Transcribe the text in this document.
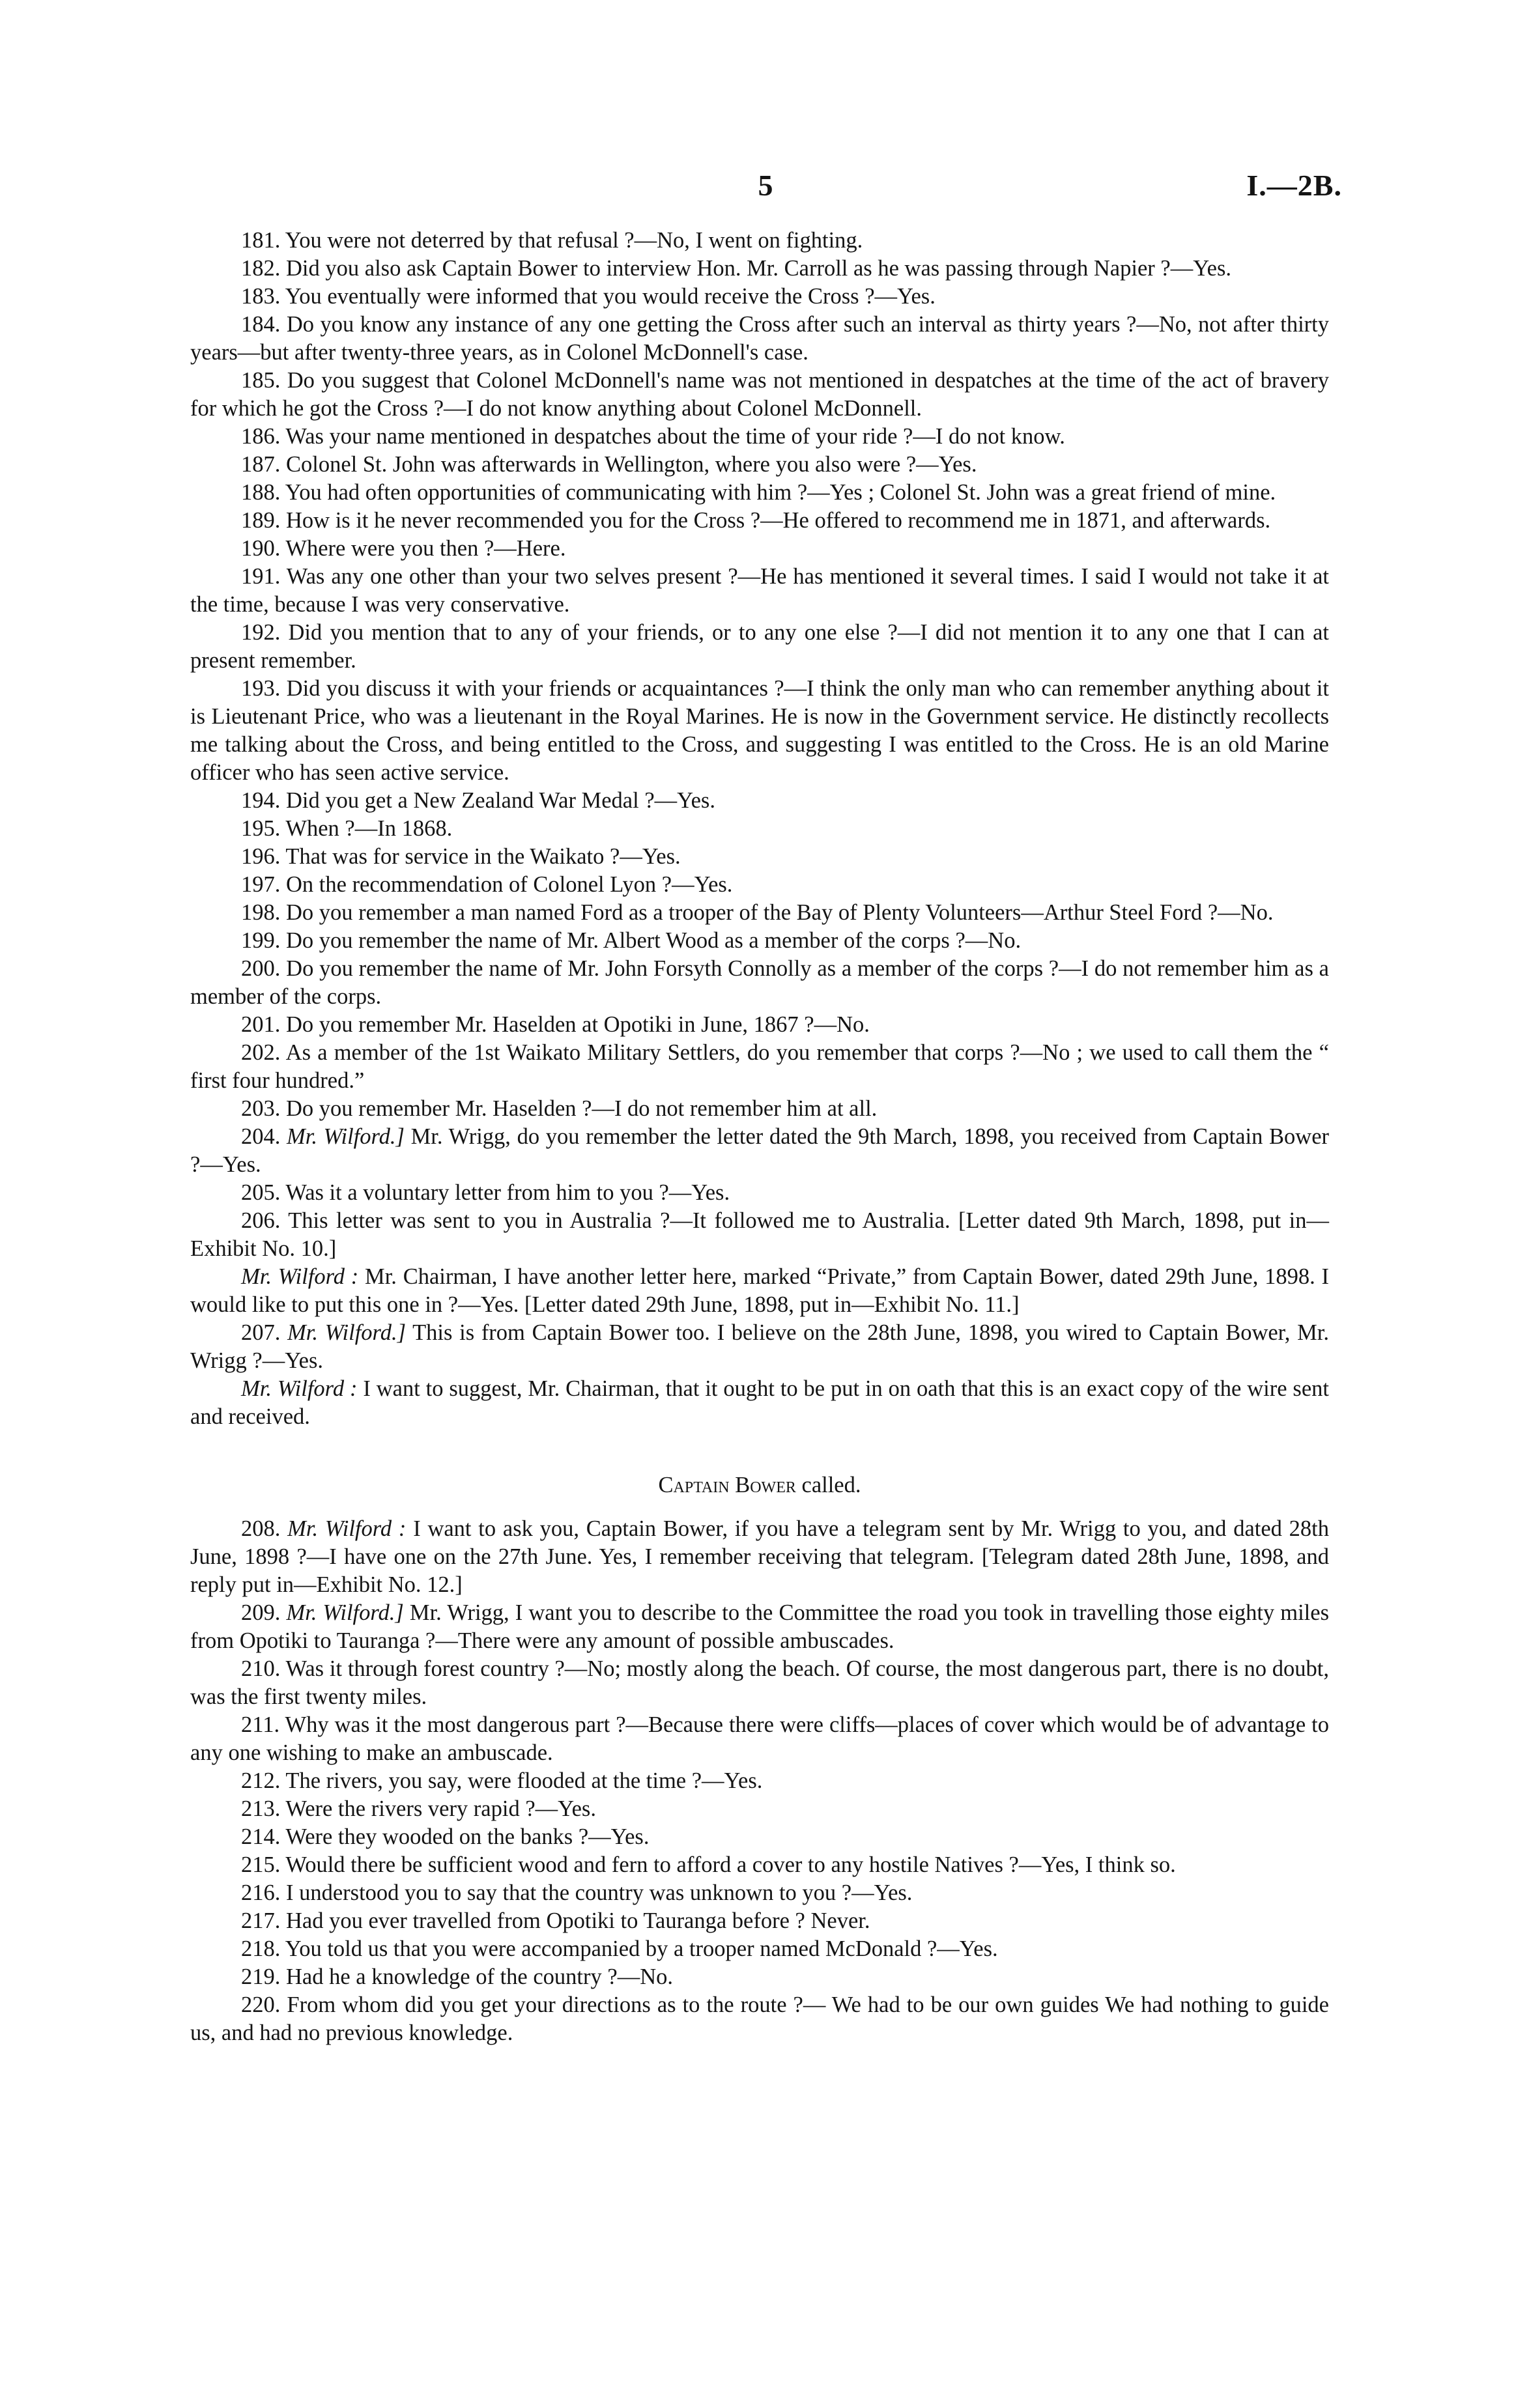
5	I.—2B.

181. You were not deterred by that refusal ?—No, I went on fighting.

182. Did you also ask Captain Bower to interview Hon. Mr. Carroll as he was passing through Napier ?—Yes.

183. You eventually were informed that you would receive the Cross ?—Yes.

184. Do you know any instance of any one getting the Cross after such an interval as thirty years ?—No, not after thirty years—but after twenty-three years, as in Colonel McDonnell's case.

185. Do you suggest that Colonel McDonnell's name was not mentioned in despatches at the time of the act of bravery for which he got the Cross ?—I do not know anything about Colonel McDonnell.

186. Was your name mentioned in despatches about the time of your ride ?—I do not know.

187. Colonel St. John was afterwards in Wellington, where you also were ?—Yes.

188. You had often opportunities of communicating with him ?—Yes ; Colonel St. John was a great friend of mine.

189. How is it he never recommended you for the Cross ?—He offered to recommend me in 1871, and afterwards.

190. Where were you then ?—Here.

191. Was any one other than your two selves present ?—He has mentioned it several times. I said I would not take it at the time, because I was very conservative.

192. Did you mention that to any of your friends, or to any one else ?—I did not mention it to any one that I can at present remember.

193. Did you discuss it with your friends or acquaintances ?—I think the only man who can remember anything about it is Lieutenant Price, who was a lieutenant in the Royal Marines. He is now in the Government service. He distinctly recollects me talking about the Cross, and being entitled to the Cross, and suggesting I was entitled to the Cross. He is an old Marine officer who has seen active service.

194. Did you get a New Zealand War Medal ?—Yes.

195. When ?—In 1868.

196. That was for service in the Waikato ?—Yes.

197. On the recommendation of Colonel Lyon ?—Yes.

198. Do you remember a man named Ford as a trooper of the Bay of Plenty Volunteers—Arthur Steel Ford ?—No.

199. Do you remember the name of Mr. Albert Wood as a member of the corps ?—No.

200. Do you remember the name of Mr. John Forsyth Connolly as a member of the corps ?—I do not remember him as a member of the corps.

201. Do you remember Mr. Haselden at Opotiki in June, 1867 ?—No.

202. As a member of the 1st Waikato Military Settlers, do you remember that corps ?—No ; we used to call them the “ first four hundred.”

203. Do you remember Mr. Haselden ?—I do not remember him at all.

204. Mr. Wilford.] Mr. Wrigg, do you remember the letter dated the 9th March, 1898, you received from Captain Bower ?—Yes.

205. Was it a voluntary letter from him to you ?—Yes.

206. This letter was sent to you in Australia ?—It followed me to Australia. [Letter dated 9th March, 1898, put in—Exhibit No. 10.]

Mr. Wilford : Mr. Chairman, I have another letter here, marked “Private,” from Captain Bower, dated 29th June, 1898. I would like to put this one in ?—Yes. [Letter dated 29th June, 1898, put in—Exhibit No. 11.]

207. Mr. Wilford.] This is from Captain Bower too. I believe on the 28th June, 1898, you wired to Captain Bower, Mr. Wrigg ?—Yes.

Mr. Wilford : I want to suggest, Mr. Chairman, that it ought to be put in on oath that this is an exact copy of the wire sent and received.

Captain Bower called.

208. Mr. Wilford : I want to ask you, Captain Bower, if you have a telegram sent by Mr. Wrigg to you, and dated 28th June, 1898 ?—I have one on the 27th June. Yes, I remember receiving that telegram. [Telegram dated 28th June, 1898, and reply put in—Exhibit No. 12.]

209. Mr. Wilford.] Mr. Wrigg, I want you to describe to the Committee the road you took in travelling those eighty miles from Opotiki to Tauranga ?—There were any amount of possible ambuscades.

210. Was it through forest country ?—No; mostly along the beach. Of course, the most dangerous part, there is no doubt, was the first twenty miles.

211. Why was it the most dangerous part ?—Because there were cliffs—places of cover which would be of advantage to any one wishing to make an ambuscade.

212. The rivers, you say, were flooded at the time ?—Yes.

213. Were the rivers very rapid ?—Yes.

214. Were they wooded on the banks ?—Yes.

215. Would there be sufficient wood and fern to afford a cover to any hostile Natives ?—Yes, I think so.

216. I understood you to say that the country was unknown to you ?—Yes.

217. Had you ever travelled from Opotiki to Tauranga before ? Never.

218. You told us that you were accompanied by a trooper named McDonald ?—Yes.

219. Had he a knowledge of the country ?—No.

220. From whom did you get your directions as to the route ?— We had to be our own guides We had nothing to guide us, and had no previous knowledge.
